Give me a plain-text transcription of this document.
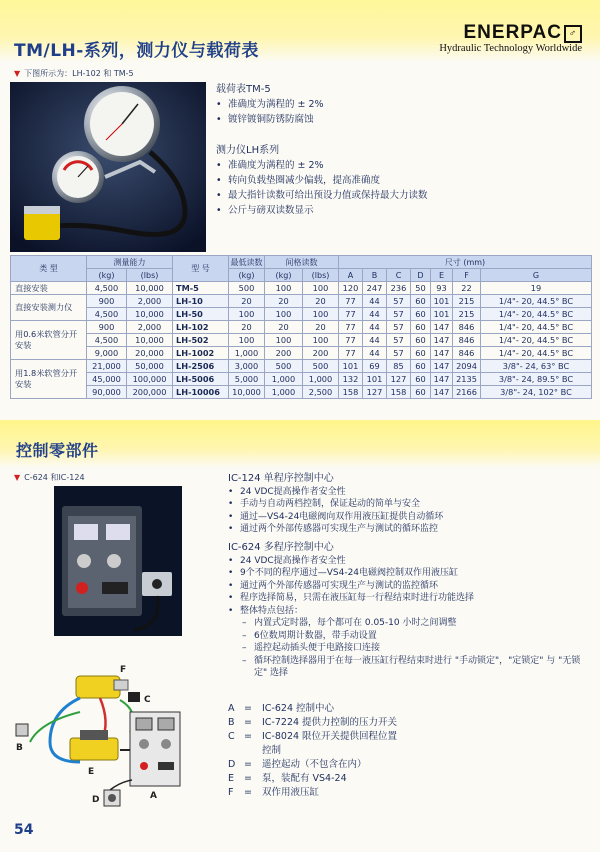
TM/LH-系列，测力仪与载荷表
ENERPAC ♂
Hydraulic Technology Worldwide
▼ 下图所示为：LH-102 和 TM-5
载荷表TM-5
• 准确度为满程的 ± 2%
• 镀锌镀铜防锈防腐蚀
测力仪LH系列
• 准确度为满程的 ± 2%
• 转向负载垫圈减少偏载，提高准确度
• 最大指针读数可给出预设力值或保持最大力读数
• 公斤与磅双读数显示
类 型	测量能力		型 号	最低读数	间格读数		尺寸 (mm)						
	(kg)	(lbs)		(kg)	(kg)	(lbs)	A	B	C	D	E	F	G
直接安装	4,500	10,000	TM-5	500	100	100	120	247	236	50	93	22	19
直接安装测力仪	900	2,000	LH-10	20	20	20	77	44	57	60	101	215	1/4"- 20, 44.5° BC
	4,500	10,000	LH-50	100	100	100	77	44	57	60	101	215	1/4"- 20, 44.5° BC
用0.6米软管分开安装	900	2,000	LH-102	20	20	20	77	44	57	60	147	846	1/4"- 20, 44.5° BC
	4,500	10,000	LH-502	100	100	100	77	44	57	60	147	846	1/4"- 20, 44.5° BC
	9,000	20,000	LH-1002	1,000	200	200	77	44	57	60	147	846	1/4"- 20, 44.5° BC
用1.8米软管分开安装	21,000	50,000	LH-2506	3,000	500	500	101	69	85	60	147	2094	3/8"- 24, 63° BC
	45,000	100,000	LH-5006	5,000	1,000	1,000	132	101	127	60	147	2135	3/8"- 24, 89.5° BC
	90,000	200,000	LH-10006	10,000	1,000	2,500	158	127	158	60	147	2166	3/8"- 24, 102° BC
控制零部件
▼ C-624 和IC-124	IC-124 单程序控制中心
• 24 VDC提高操作者安全性
• 手动与自动两档控制，保证起动的简单与安全
• 通过—VS4-24电磁阀向双作用液压缸提供自动循环
• 通过两个外部传感器可实现生产与测试的循环监控
IC-624 多程序控制中心
• 24 VDC提高操作者安全性
• 9个不同的程序通过—VS4-24电磁阀控制双作用液压缸
• 通过两个外部传感器可实现生产与测试的监控循环
• 程序选择简易，只需在液压缸每一行程结束时进行功能选择
• 整体特点包括：
– 内置式定时器，每个都可在 0.05-10 小时之间调整
– 6位数周期计数器，带手动设置
– 遥控起动插头便于电路接口连接
– 循环控制选择器用于在每一液压缸行程结束时进行 "手动锁定"，"定锁定" 与 "无锁定" 选择
F
C
B
E
A
D
A	=	IC-624 控制中心
B =	IC-7224 提供力控制的压力开关
C =	IC-8024 限位开关提供回程位置
控制
D =	遥控起动（不包含在内）
E	=	泵，装配有 VS4-24
F	=	双作用液压缸
54
